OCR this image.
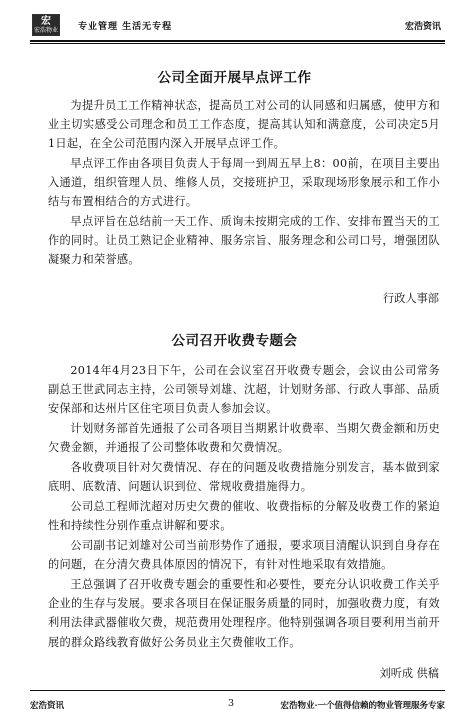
宏
宏浩物业 专业管理 生活无专程	宏浩资讯
公司全面开展早点评工作

为提升员工工作精神状态，提高员工对公司的认同感和归属感，使甲方和业主切实感受公司理念和员工工作态度，提高其认知和满意度，公司决定5月1日起，在全公司范围内深入开展早点评工作。

早点评工作由各项目负责人于每周一到周五早上8：00前，在项目主要出入通道，组织管理人员、维修人员，交接班护卫，采取现场形象展示和工作小结与布置相结合的方式进行。

早点评旨在总结前一天工作、质询未按期完成的工作、安排布置当天的工作的同时。让员工熟记企业精神、服务宗旨、服务理念和公司口号，增强团队凝聚力和荣誉感。

行政人事部
公司召开收费专题会

2014年4月23日下午，公司在会议室召开收费专题会，会议由公司常务副总王世武同志主持，公司领导刘雄、沈超，计划财务部、行政人事部、品质安保部和达州片区住宅项目负责人参加会议。

计划财务部首先通报了公司各项目当期累计收费率、当期欠费金额和历史欠费金额，并通报了公司整体收费和欠费情况。

各收费项目针对欠费情况、存在的问题及收费措施分别发言，基本做到家底明、底数清、问题认识到位、常规收费措施得力。

公司总工程师沈超对历史欠费的催收、收费指标的分解及收费工作的紧迫性和持续性分别作重点讲解和要求。

公司副书记刘雄对公司当前形势作了通报，要求项目清醒认识到自身存在的问题，在分清欠费具体原因的情况下，有针对性地采取有效措施。

王总强调了召开收费专题会的重要性和必要性，要充分认识收费工作关乎企业的生存与发展。要求各项目在保证服务质量的同时，加强收费力度，有效利用法律武器催收欠费，规范费用处理程序。他特别强调各项目要利用当前开展的群众路线教育做好公务员业主欠费催收工作。

刘听成 供稿
宏浩资讯	3	宏浩物业·一个值得信赖的物业管理服务专家
